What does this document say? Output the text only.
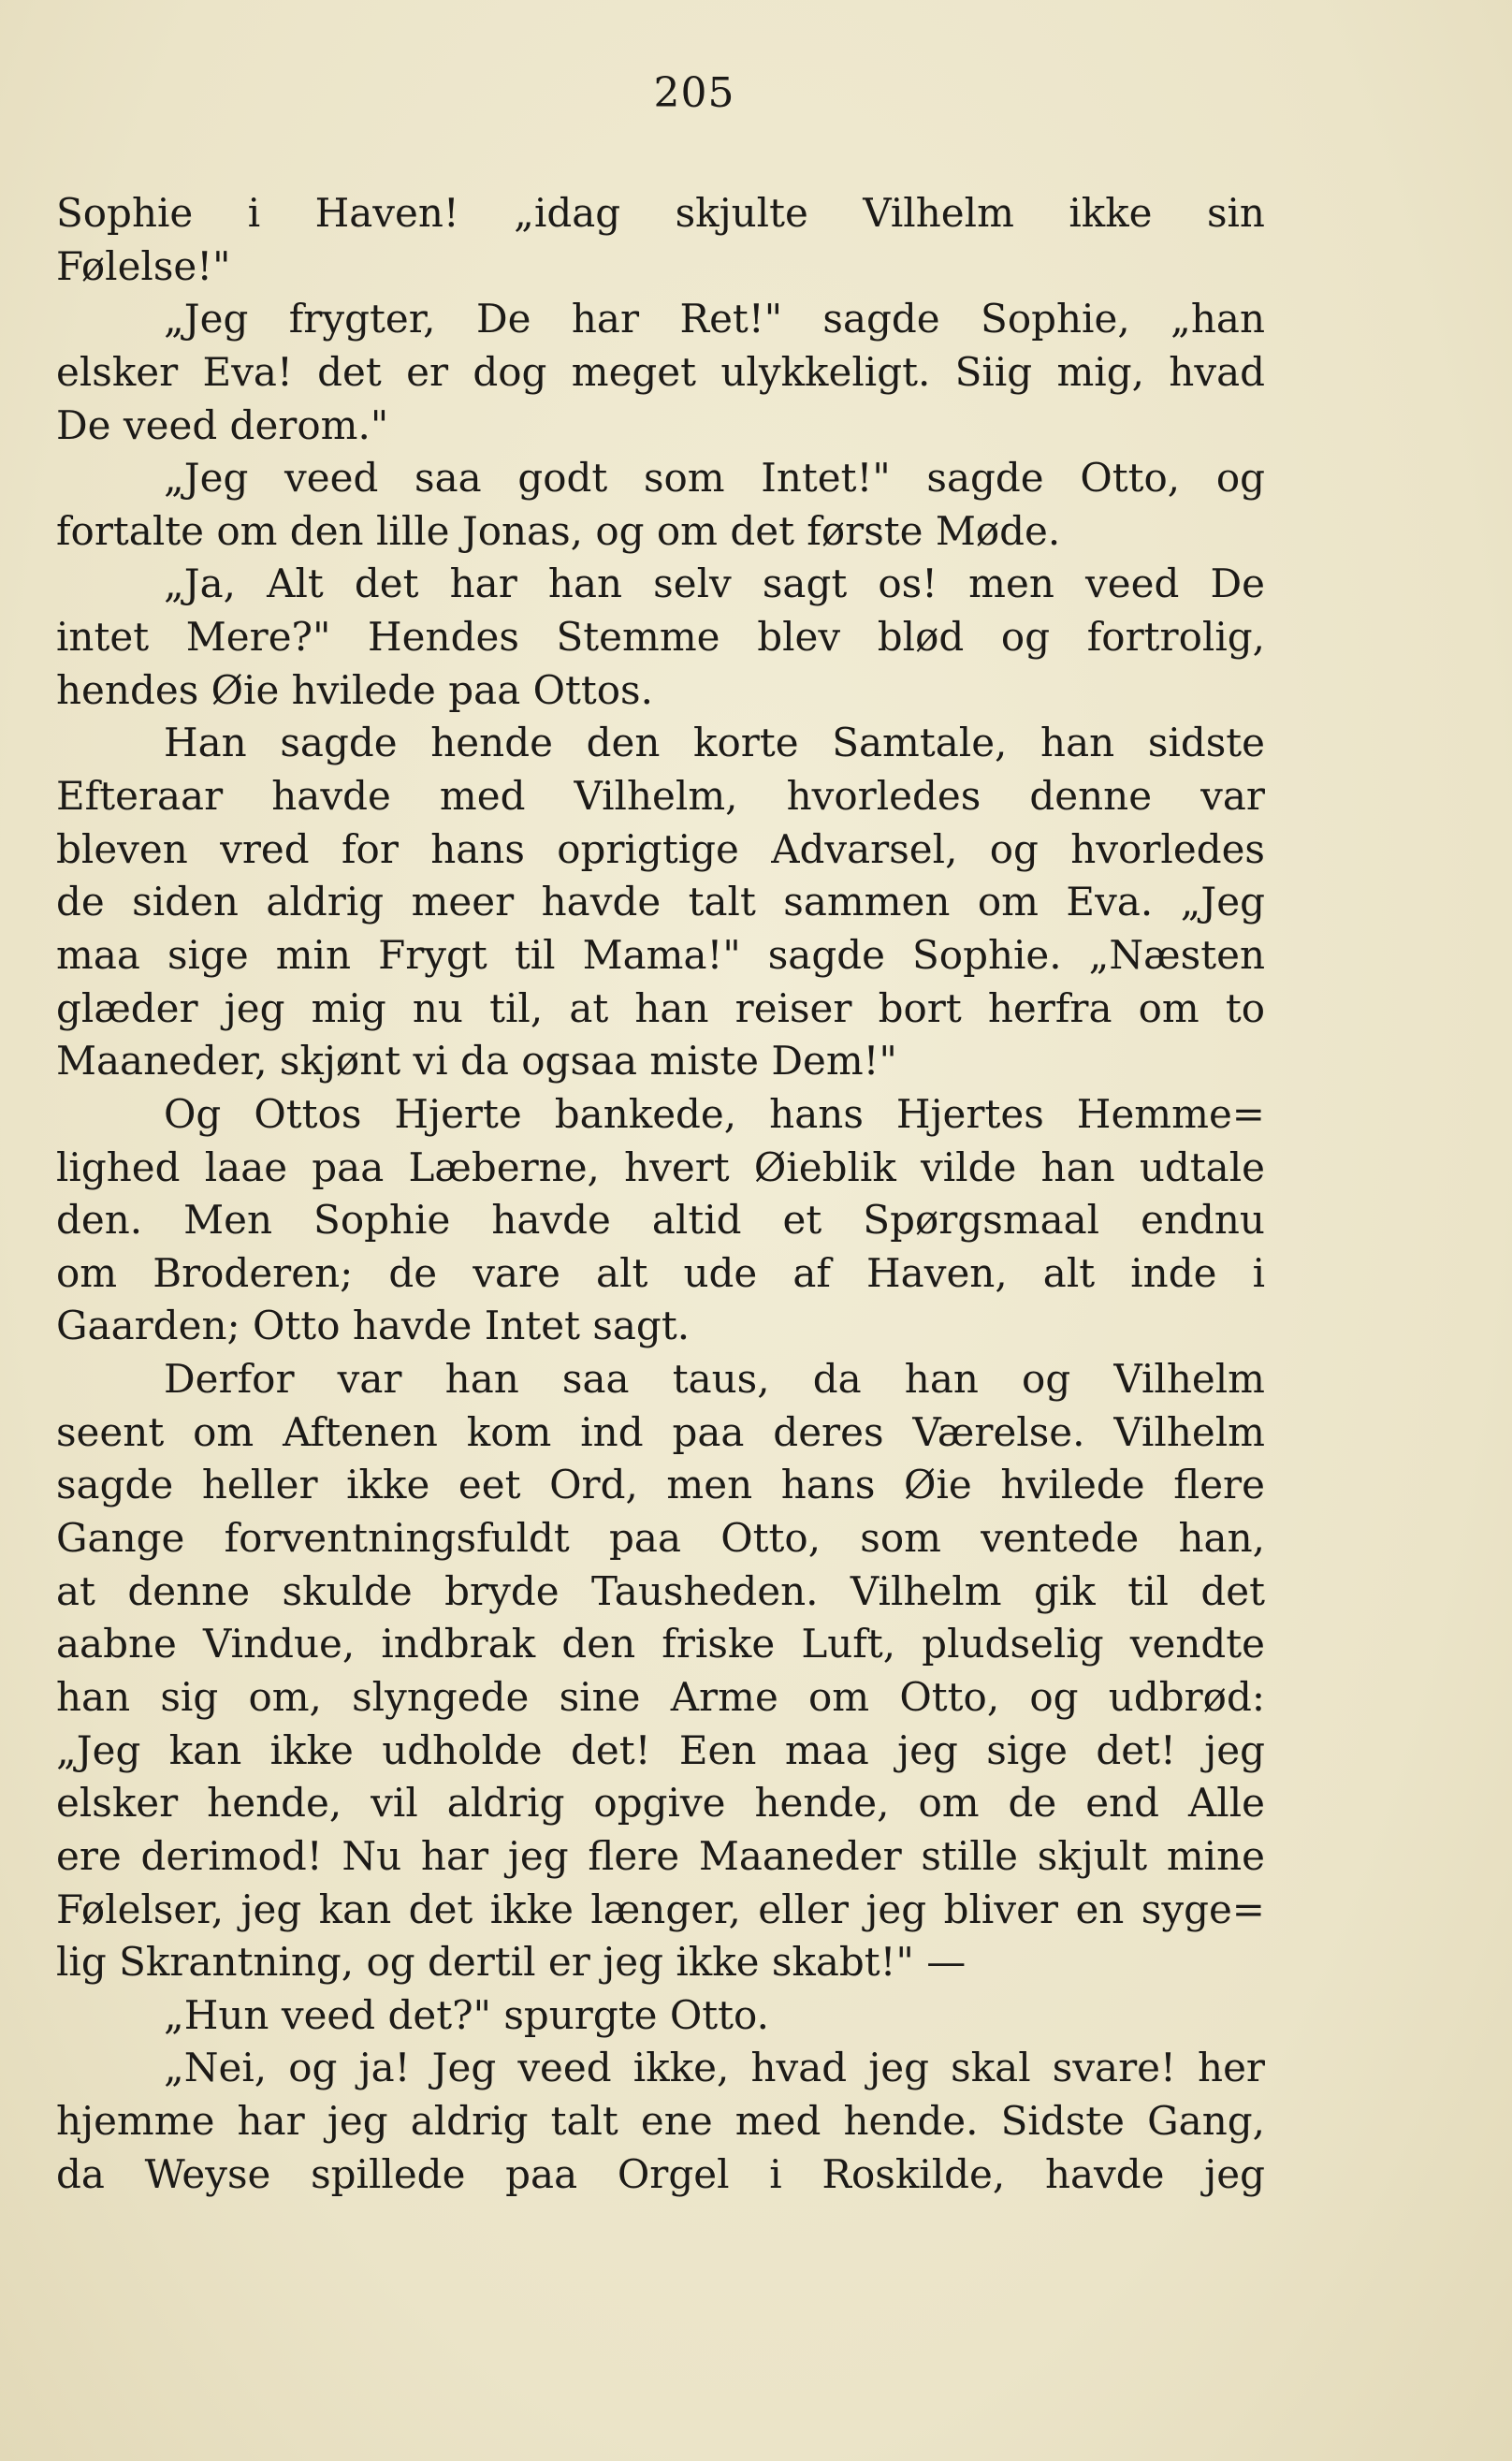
205
Sophie i Haven! „idag skjulte Vilhelm ikke sin
Følelse!"
„Jeg frygter, De har Ret!" sagde Sophie, „han
elsker Eva! det er dog meget ulykkeligt. Siig mig, hvad
De veed derom."
„Jeg veed saa godt som Intet!" sagde Otto, og
fortalte om den lille Jonas, og om det første Møde.
„Ja, Alt det har han selv sagt os! men veed De
intet Mere?" Hendes Stemme blev blød og fortrolig,
hendes Øie hvilede paa Ottos.
Han sagde hende den korte Samtale, han sidste
Efteraar havde med Vilhelm, hvorledes denne var
bleven vred for hans oprigtige Advarsel, og hvorledes
de siden aldrig meer havde talt sammen om Eva. „Jeg
maa sige min Frygt til Mama!" sagde Sophie. „Næsten
glæder jeg mig nu til, at han reiser bort herfra om to
Maaneder, skjønt vi da ogsaa miste Dem!"
Og Ottos Hjerte bankede, hans Hjertes Hemme=
lighed laae paa Læberne, hvert Øieblik vilde han udtale
den. Men Sophie havde altid et Spørgsmaal endnu
om Broderen; de vare alt ude af Haven, alt inde i
Gaarden; Otto havde Intet sagt.
Derfor var han saa taus, da han og Vilhelm
seent om Aftenen kom ind paa deres Værelse. Vilhelm
sagde heller ikke eet Ord, men hans Øie hvilede flere
Gange forventningsfuldt paa Otto, som ventede han,
at denne skulde bryde Tausheden. Vilhelm gik til det
aabne Vindue, indbrak den friske Luft, pludselig vendte
han sig om, slyngede sine Arme om Otto, og udbrød:
„Jeg kan ikke udholde det! Een maa jeg sige det! jeg
elsker hende, vil aldrig opgive hende, om de end Alle
ere derimod! Nu har jeg flere Maaneder stille skjult mine
Følelser, jeg kan det ikke længer, eller jeg bliver en syge=
lig Skrantning, og dertil er jeg ikke skabt!" —
„Hun veed det?" spurgte Otto.
„Nei, og ja! Jeg veed ikke, hvad jeg skal svare! her
hjemme har jeg aldrig talt ene med hende. Sidste Gang,
da Weyse spillede paa Orgel i Roskilde, havde jeg
